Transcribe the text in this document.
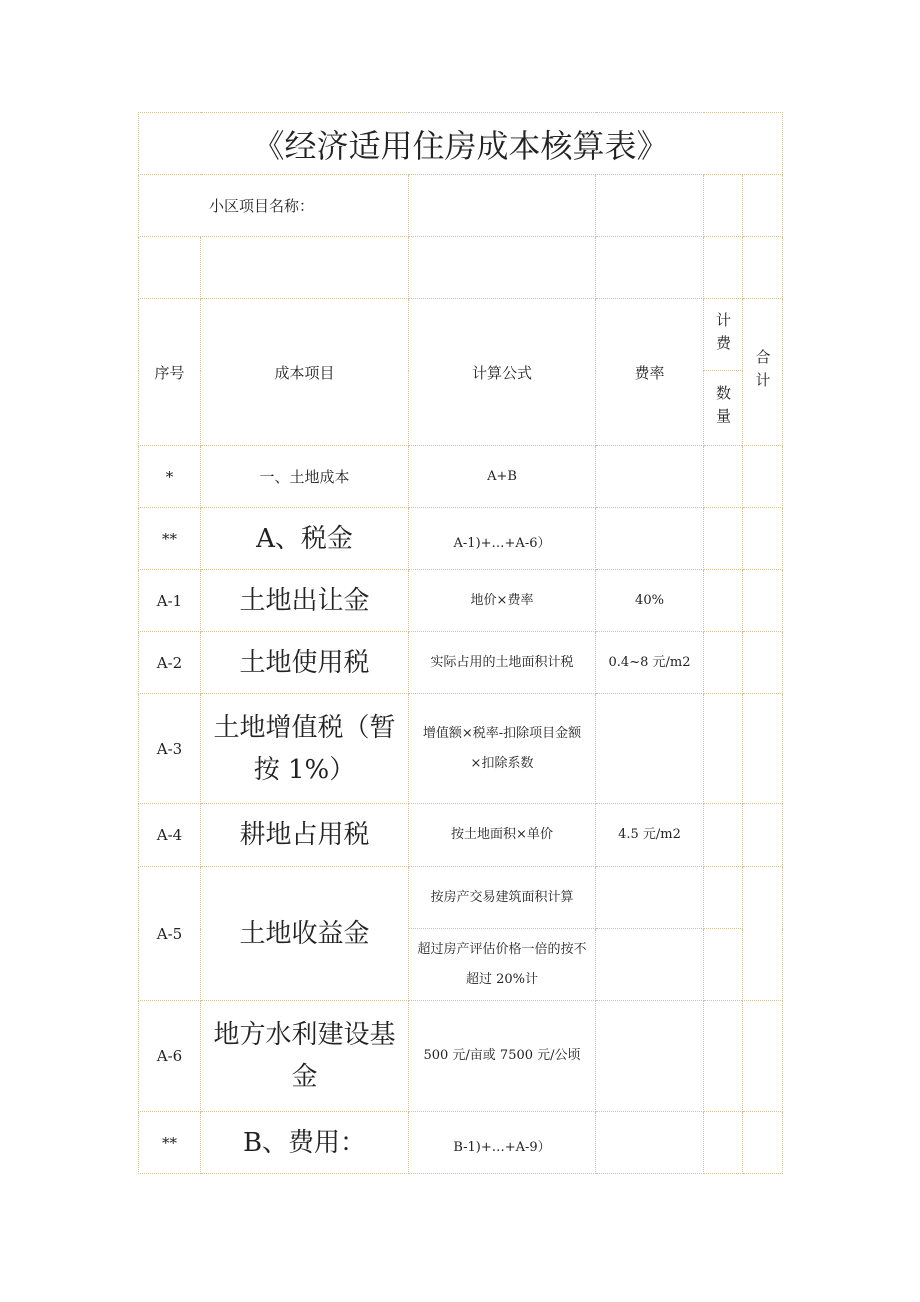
《经济适用住房成本核算表》					
小区项目名称：					

序号	成本项目	计算公式	费率	计费	合计
				数量	
*	一、土地成本	A+B			
**	A、税金	A-1)+…+A-6）			
A-1	土地出让金	地价×费率	40%		
A-2	土地使用税	实际占用的土地面积计税	0.4~8 元/m2		
A-3	土地增值税（暂按 1%）	增值额×税率-扣除项目金额×扣除系数			
A-4	耕地占用税	按土地面积×单价	4.5 元/m2		
A-5	土地收益金	按房产交易建筑面积计算			
		超过房产评估价格一倍的按不超过 20%计			
A-6	地方水利建设基金	500 元/亩或 7500 元/公顷			
**	B、费用：	B-1)+…+A-9）			
